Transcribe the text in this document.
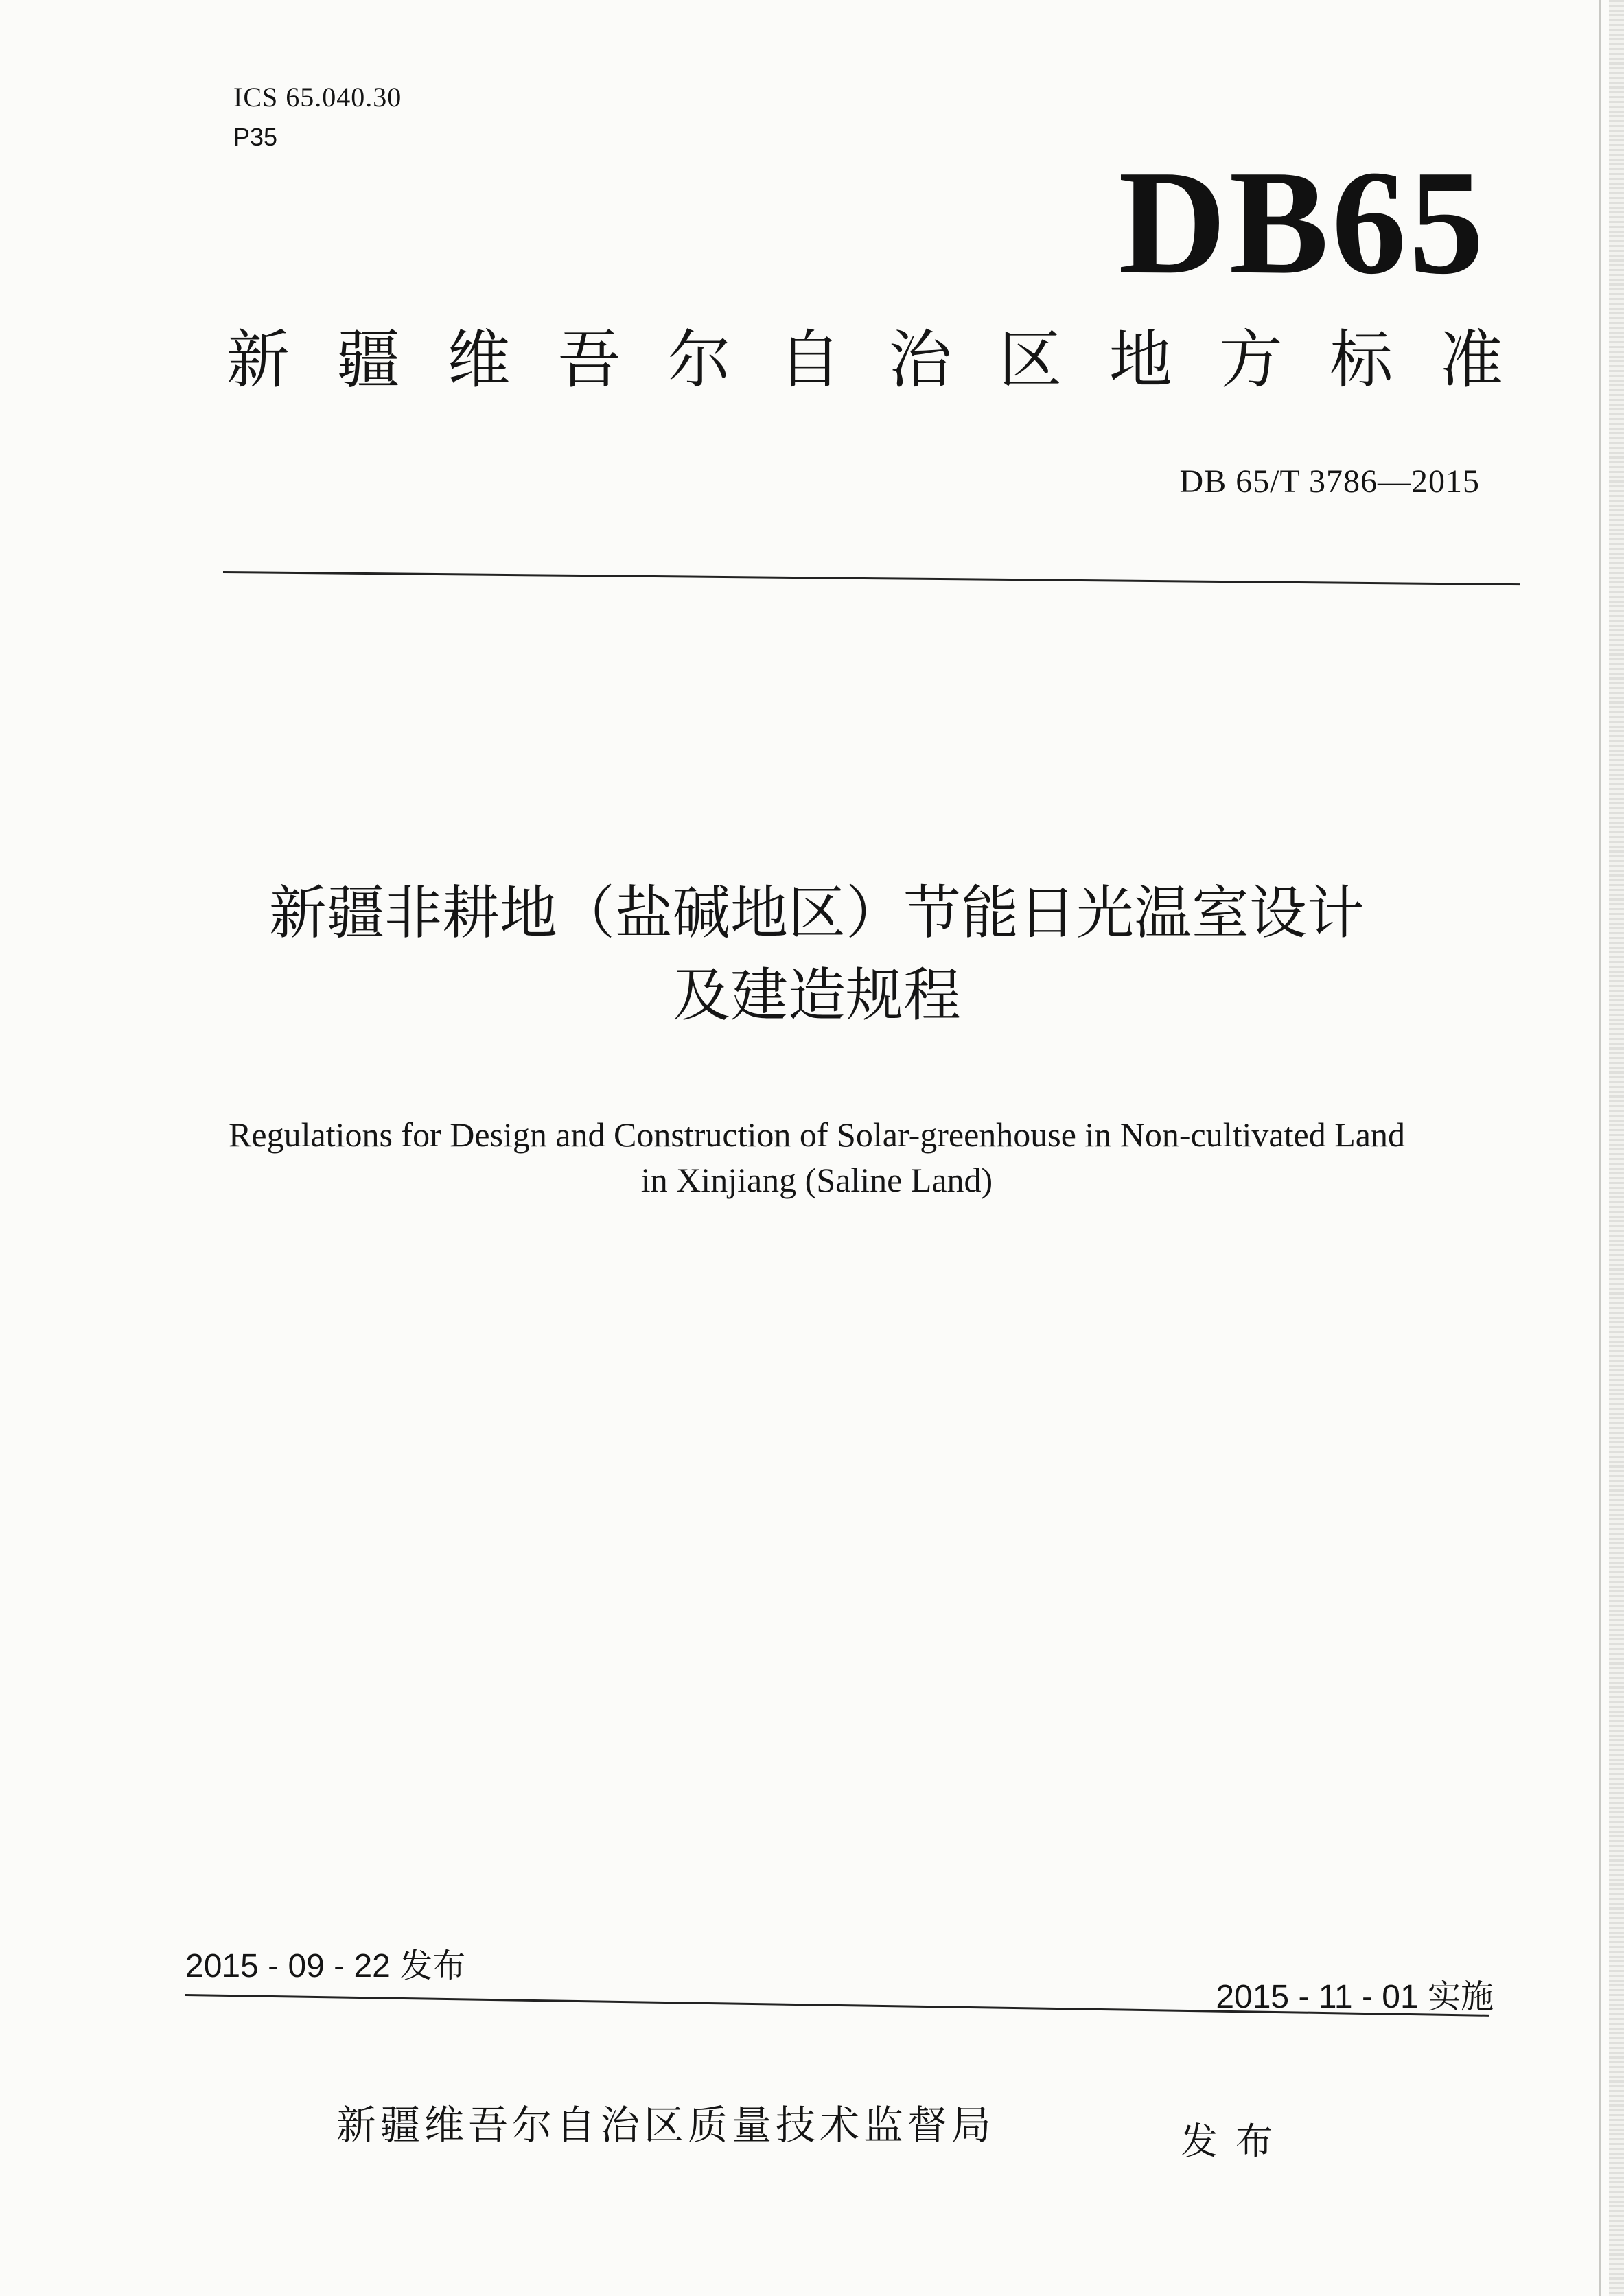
ICS 65.040.30
P35
DB65
新 疆 维 吾 尔 自 治 区 地 方 标 准
DB 65/T 3786—2015
新疆非耕地（盐碱地区）节能日光温室设计
及建造规程
Regulations for Design and Construction of Solar-greenhouse in Non-cultivated Land
in Xinjiang (Saline Land)
2015 - 09 - 22 发布
2015 - 11 - 01 实施
新疆维吾尔自治区质量技术监督局	发布
